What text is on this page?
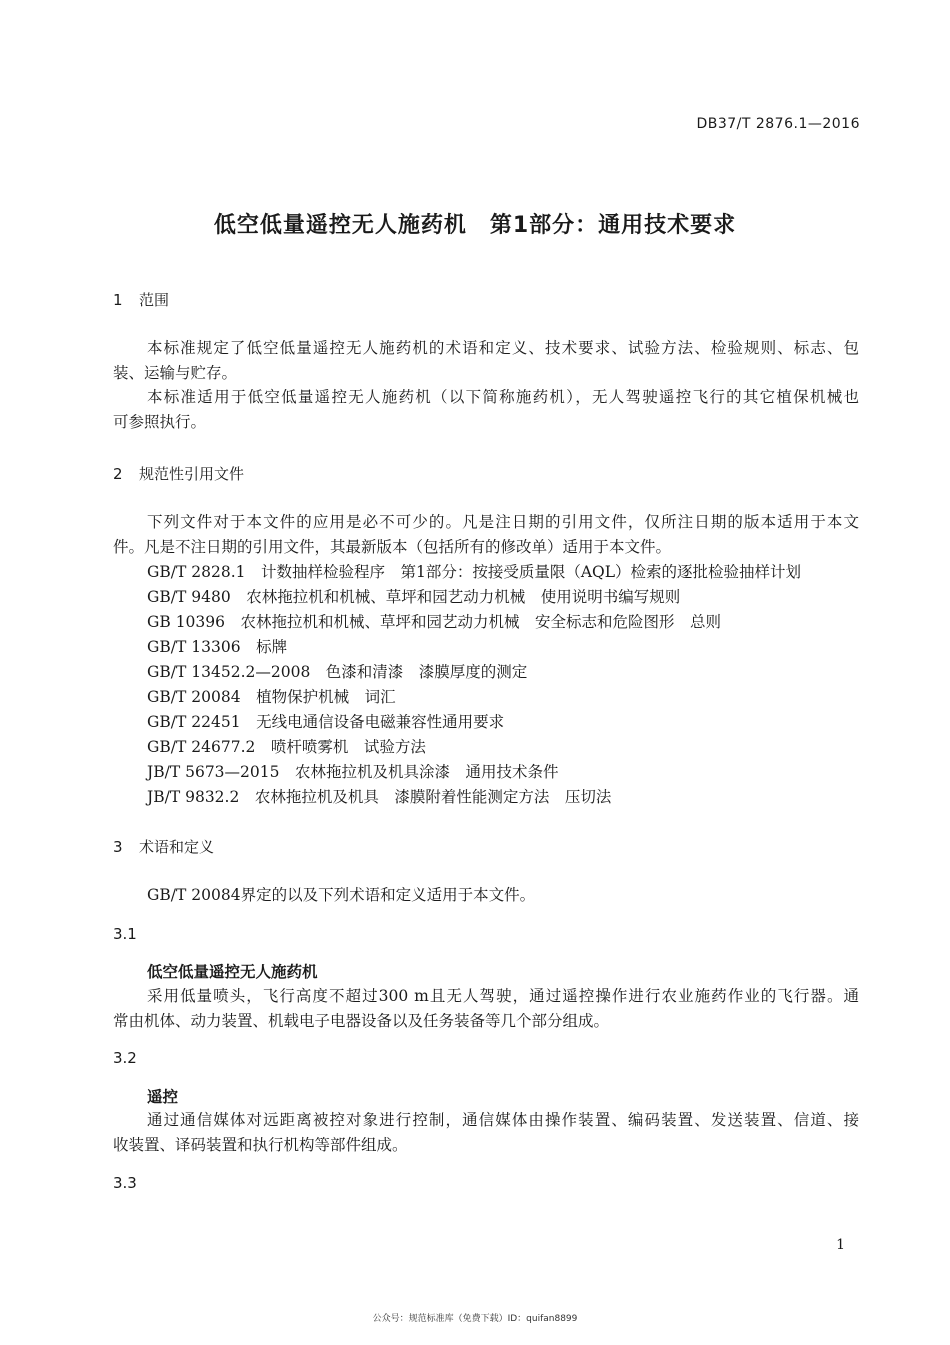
DB37/T 2876.1—2016
低空低量遥控无人施药机　第1部分：通用技术要求
1 范围
本标准规定了低空低量遥控无人施药机的术语和定义、技术要求、试验方法、检验规则、标志、包
装、运输与贮存。
本标准适用于低空低量遥控无人施药机（以下简称施药机），无人驾驶遥控飞行的其它植保机械也
可参照执行。
2 规范性引用文件
下列文件对于本文件的应用是必不可少的。凡是注日期的引用文件，仅所注日期的版本适用于本文
件。凡是不注日期的引用文件，其最新版本（包括所有的修改单）适用于本文件。
GB/T 2828.1　计数抽样检验程序　第1部分：按接受质量限（AQL）检索的逐批检验抽样计划
GB/T 9480　农林拖拉机和机械、草坪和园艺动力机械　使用说明书编写规则
GB 10396　农林拖拉机和机械、草坪和园艺动力机械　安全标志和危险图形　总则
GB/T 13306　标牌
GB/T 13452.2—2008　色漆和清漆　漆膜厚度的测定
GB/T 20084　植物保护机械　词汇
GB/T 22451　无线电通信设备电磁兼容性通用要求
GB/T 24677.2　喷杆喷雾机　试验方法
JB/T 5673—2015　农林拖拉机及机具涂漆　通用技术条件
JB/T 9832.2　农林拖拉机及机具　漆膜附着性能测定方法　压切法
3 术语和定义
GB/T 20084界定的以及下列术语和定义适用于本文件。
3.1
低空低量遥控无人施药机
采用低量喷头，飞行高度不超过300 m且无人驾驶，通过遥控操作进行农业施药作业的飞行器。通
常由机体、动力装置、机载电子电器设备以及任务装备等几个部分组成。
3.2
遥控
通过通信媒体对远距离被控对象进行控制，通信媒体由操作装置、编码装置、发送装置、信道、接
收装置、译码装置和执行机构等部件组成。
3.3
1
公众号：规范标准库（免费下载）ID：quifan8899
